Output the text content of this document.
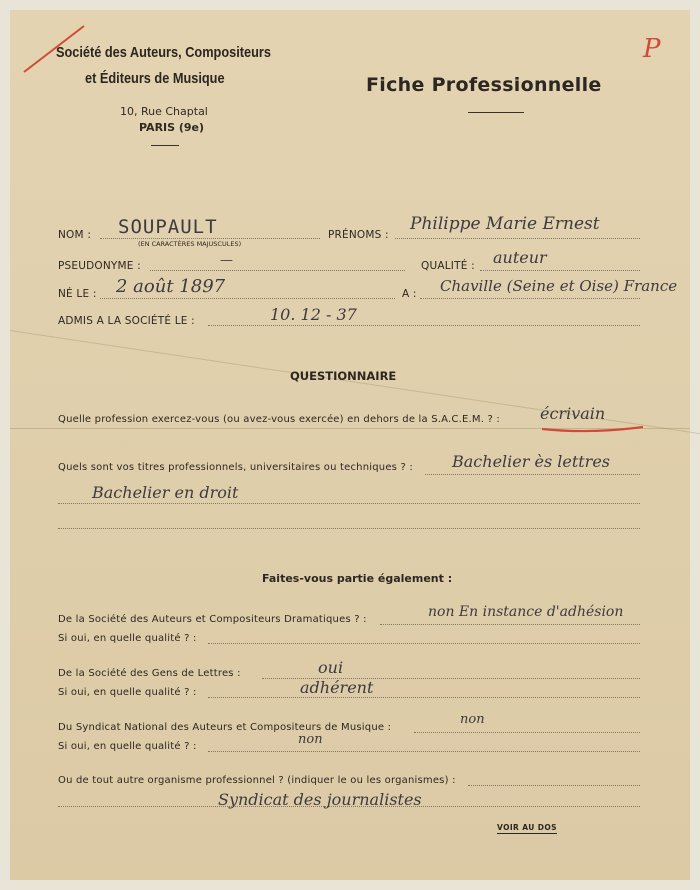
Société des Auteurs, Compositeurs
et Éditeurs de Musique
10, Rue Chaptal
PARIS (9e)
Fiche Professionnelle
P
NOM : SOUPAULT
(EN CARACTÈRES MAJUSCULES)
PRÉNOMS :
Philippe Marie Ernest
PSEUDONYME :	—	QUALITÉ : auteur
NÉ LE : 2 août 1897	A : Chaville (Seine et Oise) France
ADMIS A LA SOCIÉTÉ LE :	10. 12 - 37
QUESTIONNAIRE
Quelle profession exercez-vous (ou avez-vous exercée) en dehors de la S.A.C.E.M. ? :	écrivain
Quels sont vos titres professionnels, universitaires ou techniques ? : Bachelier ès lettres
Bachelier en droit
Faites-vous partie également :
De la Société des Auteurs et Compositeurs Dramatiques ? :	non En instance d'adhésion
Si oui, en quelle qualité ? :
De la Société des Gens de Lettres :	oui
Si oui, en quelle qualité ? :	adhérent
Du Syndicat National des Auteurs et Compositeurs de Musique :
non
Si oui, en quelle qualité ? :	non
Ou de tout autre organisme professionnel ? (indiquer le ou les organismes) :
Syndicat des journalistes
VOIR AU DOS
